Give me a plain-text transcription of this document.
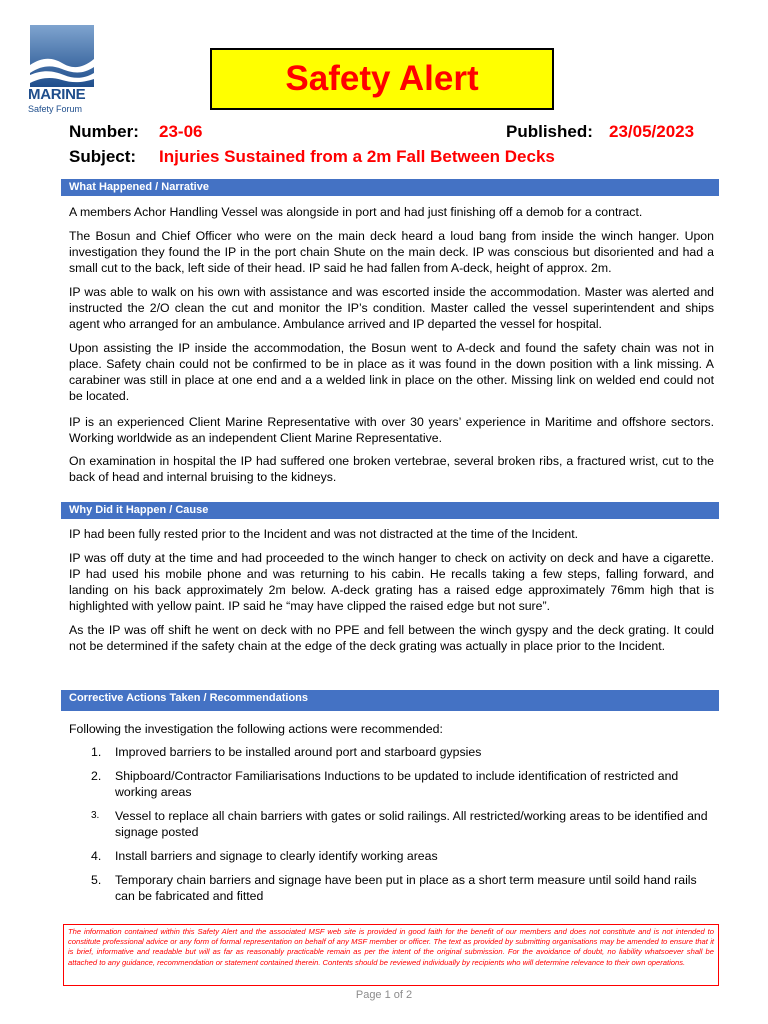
MARINE
Safety Forum
Safety Alert
Number: 23-06	Published: 23/05/2023
Subject: Injuries Sustained from a 2m Fall Between Decks
What Happened / Narrative

A members Achor Handling Vessel was alongside in port and had just finishing off a demob for a contract.

The Bosun and Chief Officer who were on the main deck heard a loud bang from inside the winch hanger. Upon investigation they found the IP in the port chain Shute on the main deck. IP was conscious but disoriented and had a small cut to the back, left side of their head. IP said he had fallen from A-deck, height of approx. 2m.

IP was able to walk on his own with assistance and was escorted inside the accommodation. Master was alerted and instructed the 2/O clean the cut and monitor the IP’s condition. Master called the vessel superintendent and ships agent who arranged for an ambulance. Ambulance arrived and IP departed the vessel for hospital.

Upon assisting the IP inside the accommodation, the Bosun went to A-deck and found the safety chain was not in place. Safety chain could not be confirmed to be in place as it was found in the down position with a link missing. A carabiner was still in place at one end and a a welded link in place on the other. Missing link on welded end could not be located.

IP is an experienced Client Marine Representative with over 30 years’ experience in Maritime and offshore sectors. Working worldwide as an independent Client Marine Representative.

On examination in hospital the IP had suffered one broken vertebrae, several broken ribs, a fractured wrist, cut to the back of head and internal bruising to the kidneys.

Why Did it Happen / Cause

IP had been fully rested prior to the Incident and was not distracted at the time of the Incident.

IP was off duty at the time and had proceeded to the winch hanger to check on activity on deck and have a cigarette. IP had used his mobile phone and was returning to his cabin. He recalls taking a few steps, falling forward, and landing on his back approximately 2m below. A-deck grating has a raised edge approximately 76mm high that is highlighted with yellow paint. IP said he “may have clipped the raised edge but not sure”.

As the IP was off shift he went on deck with no PPE and fell between the winch gyspy and the deck grating. It could not be determined if the safety chain at the edge of the deck grating was actually in place prior to the Incident.

Corrective Actions Taken / Recommendations

Following the investigation the following actions were recommended:

1. Improved barriers to be installed around port and starboard gypsies
2. Shipboard/Contractor Familiarisations Inductions to be updated to include identification of restricted and working areas
3. Vessel to replace all chain barriers with gates or solid railings. All restricted/working areas to be identified and signage posted
4. Install barriers and signage to clearly identify working areas
5. Temporary chain barriers and signage have been put in place as a short term measure until soild hand rails can be fabricated and fitted
The information contained within this Safety Alert and the associated MSF web site is provided in good faith for the benefit of our members and does not constitute and is not intended to constitute professional advice or any form of formal representation on behalf of any MSF member or officer. The text as provided by submitting organisations may be amended to ensure that it is brief, informative and readable but will as far as reasonably practicable remain as per the intent of the original submission. For the avoidance of doubt, no liability whatsoever shall be attached to any guidance, recommendation or statement contained therein. Contents should be reviewed individually by recipients who will determine relevance to their own operations.
Page 1 of 2
